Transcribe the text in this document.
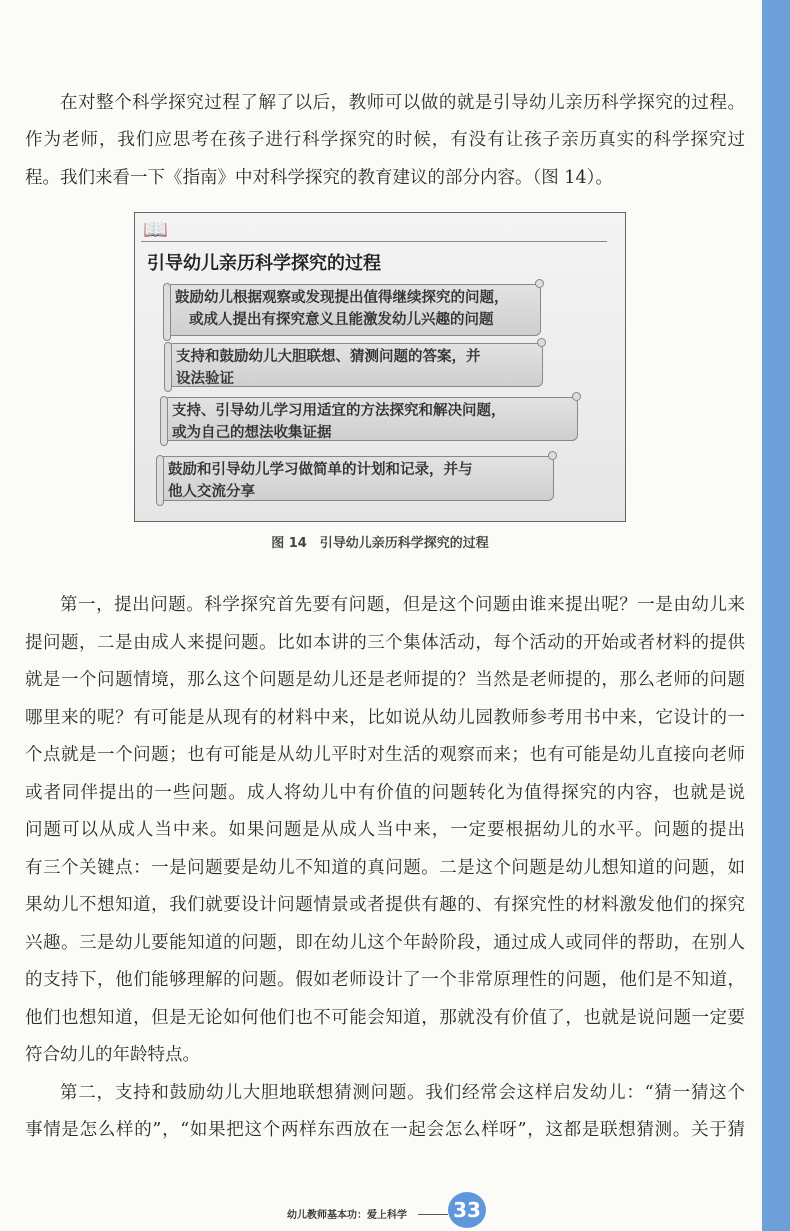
在对整个科学探究过程了解了以后，教师可以做的就是引导幼儿亲历科学探究的过程。
作为老师，我们应思考在孩子进行科学探究的时候，有没有让孩子亲历真实的科学探究过
程。我们来看一下《指南》中对科学探究的教育建议的部分内容。（图 14）。
📖
引导幼儿亲历科学探究的过程
鼓励幼儿根据观察或发现提出值得继续探究的问题，
或成人提出有探究意义且能激发幼儿兴趣的问题
支持和鼓励幼儿大胆联想、猜测问题的答案，并
设法验证
支持、引导幼儿学习用适宜的方法探究和解决问题，
或为自己的想法收集证据
鼓励和引导幼儿学习做简单的计划和记录，并与
他人交流分享
图 14　引导幼儿亲历科学探究的过程
第一，提出问题。科学探究首先要有问题，但是这个问题由谁来提出呢？一是由幼儿来
提问题，二是由成人来提问题。比如本讲的三个集体活动，每个活动的开始或者材料的提供
就是一个问题情境，那么这个问题是幼儿还是老师提的？当然是老师提的，那么老师的问题
哪里来的呢？有可能是从现有的材料中来，比如说从幼儿园教师参考用书中来，它设计的一
个点就是一个问题；也有可能是从幼儿平时对生活的观察而来；也有可能是幼儿直接向老师
或者同伴提出的一些问题。成人将幼儿中有价值的问题转化为值得探究的内容，也就是说
问题可以从成人当中来。如果问题是从成人当中来，一定要根据幼儿的水平。问题的提出
有三个关键点：一是问题要是幼儿不知道的真问题。二是这个问题是幼儿想知道的问题，如
果幼儿不想知道，我们就要设计问题情景或者提供有趣的、有探究性的材料激发他们的探究
兴趣。三是幼儿要能知道的问题，即在幼儿这个年龄阶段，通过成人或同伴的帮助，在别人
的支持下，他们能够理解的问题。假如老师设计了一个非常原理性的问题，他们是不知道，
他们也想知道，但是无论如何他们也不可能会知道，那就没有价值了，也就是说问题一定要
符合幼儿的年龄特点。
第二，支持和鼓励幼儿大胆地联想猜测问题。我们经常会这样启发幼儿：“猜一猜这个
事情是怎么样的”，“如果把这个两样东西放在一起会怎么样呀”，这都是联想猜测。关于猜
幼儿教师基本功：爱上科学 33
